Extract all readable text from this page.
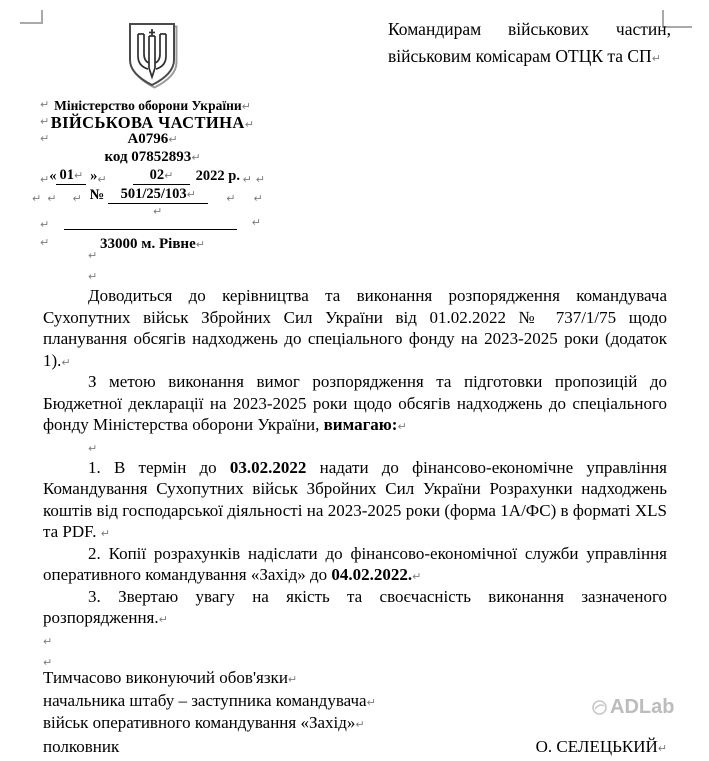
Командирам військових частин,
військовим комісарам ОТЦК та СП↵
↵ Міністерство оборони України↵
↵ ВІЙСЬКОВА ЧАСТИНА↵
↵	А0796↵
код 07852893↵
↵ « 01↵ » ↵	02↵	2022 р. ↵ ↵
↵ ↵ ↵ №	501/25/103↵	↵ ↵
↵
↵	↵
↵	33000 м. Рівне↵
↵
↵
Доводиться до керівництва та виконання розпорядження командувача Сухопутних військ Збройних Сил України від 01.02.2022 № 737/1/75 щодо планування обсягів надходжень до спеціального фонду на 2023-2025 роки (додаток 1).↵
З метою виконання вимог розпорядження та підготовки пропозицій до Бюджетної декларації на 2023-2025 роки щодо обсягів надходжень до спеціального фонду Міністерства оборони України, вимагаю:↵
↵
1. В термін до 03.02.2022 надати до фінансово-економічне управління Командування Сухопутних військ Збройних Сил України Розрахунки надходжень коштів від господарської діяльності на 2023-2025 роки (форма 1А/ФС) в форматі XLS та PDF. ↵
2. Копії розрахунків надіслати до фінансово-економічної служби управління оперативного командування «Захід» до 04.02.2022.↵
3. Звертаю увагу на якість та своєчасність виконання зазначеного розпорядження.↵
↵
↵
Тимчасово виконуючий обов'язки↵
начальника штабу – заступника командувача↵
військ оперативного командування «Захід»↵
полковник	О. СЕЛЕЦЬКИЙ↵
ADLab
